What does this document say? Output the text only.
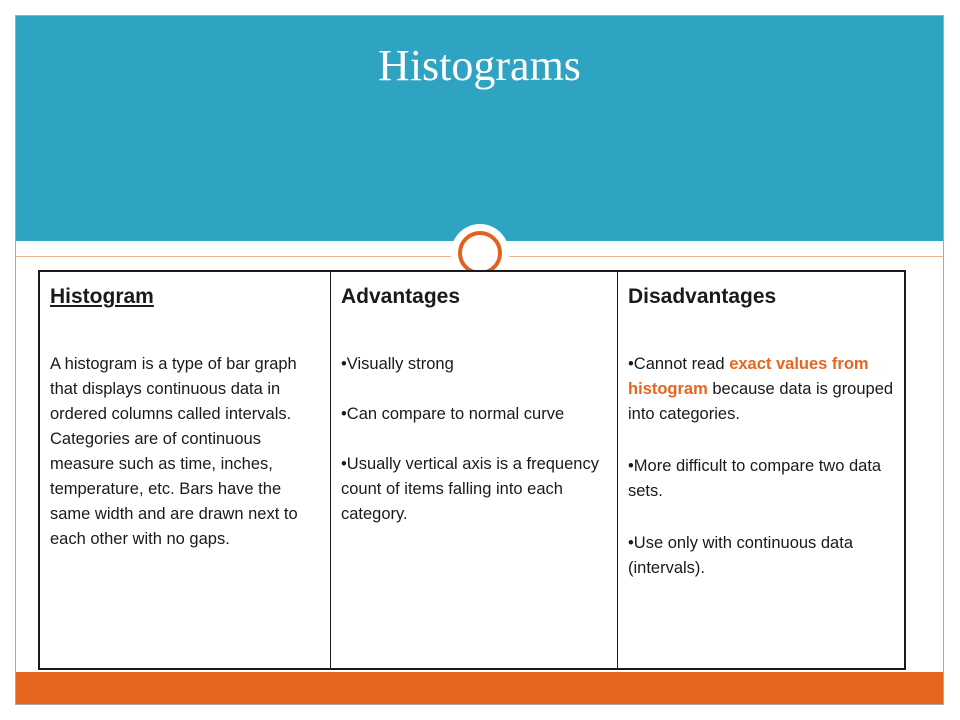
Histograms

Histogram

A histogram is a type of bar graph that displays continuous data in ordered columns called intervals. Categories are of continuous measure such as time, inches, temperature, etc. Bars have the same width and are drawn next to each other with no gaps.

Advantages

•Visually strong

•Can compare to normal curve

•Usually vertical axis is a frequency count of items falling into each category.

Disadvantages

•Cannot read exact values from histogram because data is grouped into categories.

•More difficult to compare two data sets.

•Use only with continuous data (intervals).
